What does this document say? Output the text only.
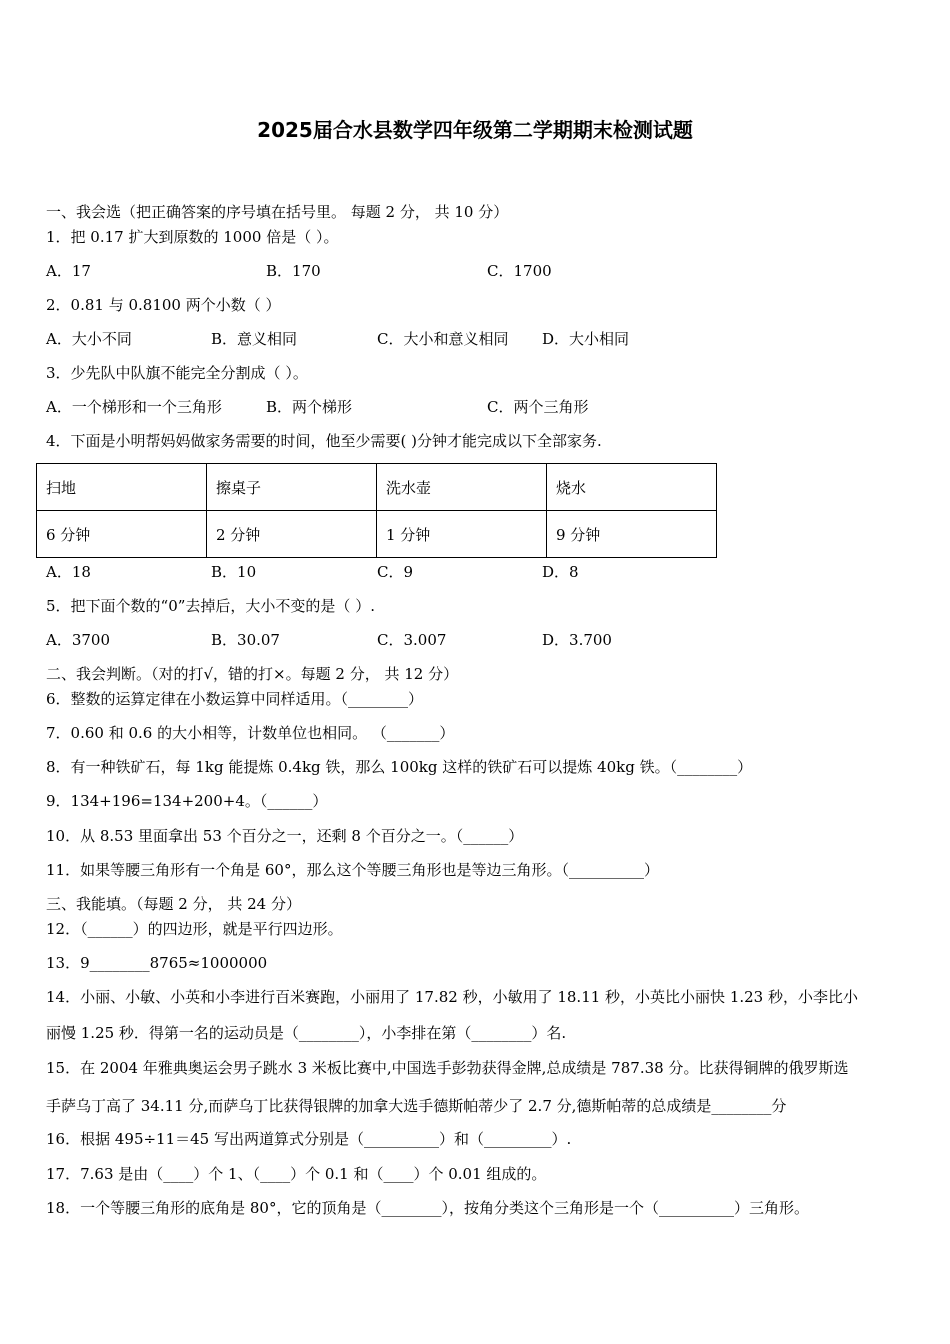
2025届合水县数学四年级第二学期期末检测试题
一、我会选（把正确答案的序号填在括号里。 每题 2 分， 共 10 分）
1．把 0.17 扩大到原数的 1000 倍是（ ）。
A．17	B．170	C．1700
2．0.81 与 0.8100 两个小数（ ）
A．大小不同	B．意义相同	C．大小和意义相同 D．大小相同
3．少先队中队旗不能完全分割成（ ）。
A．一个梯形和一个三角形	B．两个梯形	C．两个三角形
4．下面是小明帮妈妈做家务需要的时间，他至少需要( )分钟才能完成以下全部家务.
扫地	擦桌子	洗水壶	烧水
6 分钟	2 分钟	1 分钟	9 分钟
A．18	B．10	C．9	D．8
5．把下面个数的“0”去掉后，大小不变的是（ ）.
A．3700	B．30.07	C．3.007	D．3.700
二、我会判断。（对的打√，错的打×。每题 2 分， 共 12 分）
6．整数的运算定律在小数运算中同样适用。（________）
7．0.60 和 0.6 的大小相等，计数单位也相同。 （_______）
8．有一种铁矿石，每 1kg 能提炼 0.4kg 铁，那么 100kg 这样的铁矿石可以提炼 40kg 铁。（________）
9．134+196=134+200+4。（______）
10．从 8.53 里面拿出 53 个百分之一，还剩 8 个百分之一。（______）
11．如果等腰三角形有一个角是 60°，那么这个等腰三角形也是等边三角形。（__________）
三、我能填。（每题 2 分， 共 24 分）
12．（______）的四边形，就是平行四边形。
13．9________8765≈1000000
14．小丽、小敏、小英和小李进行百米赛跑，小丽用了 17.82 秒，小敏用了 18.11 秒，小英比小丽快 1.23 秒，小李比小
丽慢 1.25 秒．得第一名的运动员是（________），小李排在第（________）名.
15．在 2004 年雅典奥运会男子跳水 3 米板比赛中,中国选手彭勃获得金牌,总成绩是 787.38 分。比获得铜牌的俄罗斯选
手萨乌丁高了 34.11 分,而萨乌丁比获得银牌的加拿大选手德斯帕蒂少了 2.7 分,德斯帕蒂的总成绩是________分
16．根据 495÷11＝45 写出两道算式分别是（__________）和（_________）.
17．7.63 是由（____）个 1、（____）个 0.1 和（____）个 0.01 组成的。
18．一个等腰三角形的底角是 80°，它的顶角是（________），按角分类这个三角形是一个（__________）三角形。
